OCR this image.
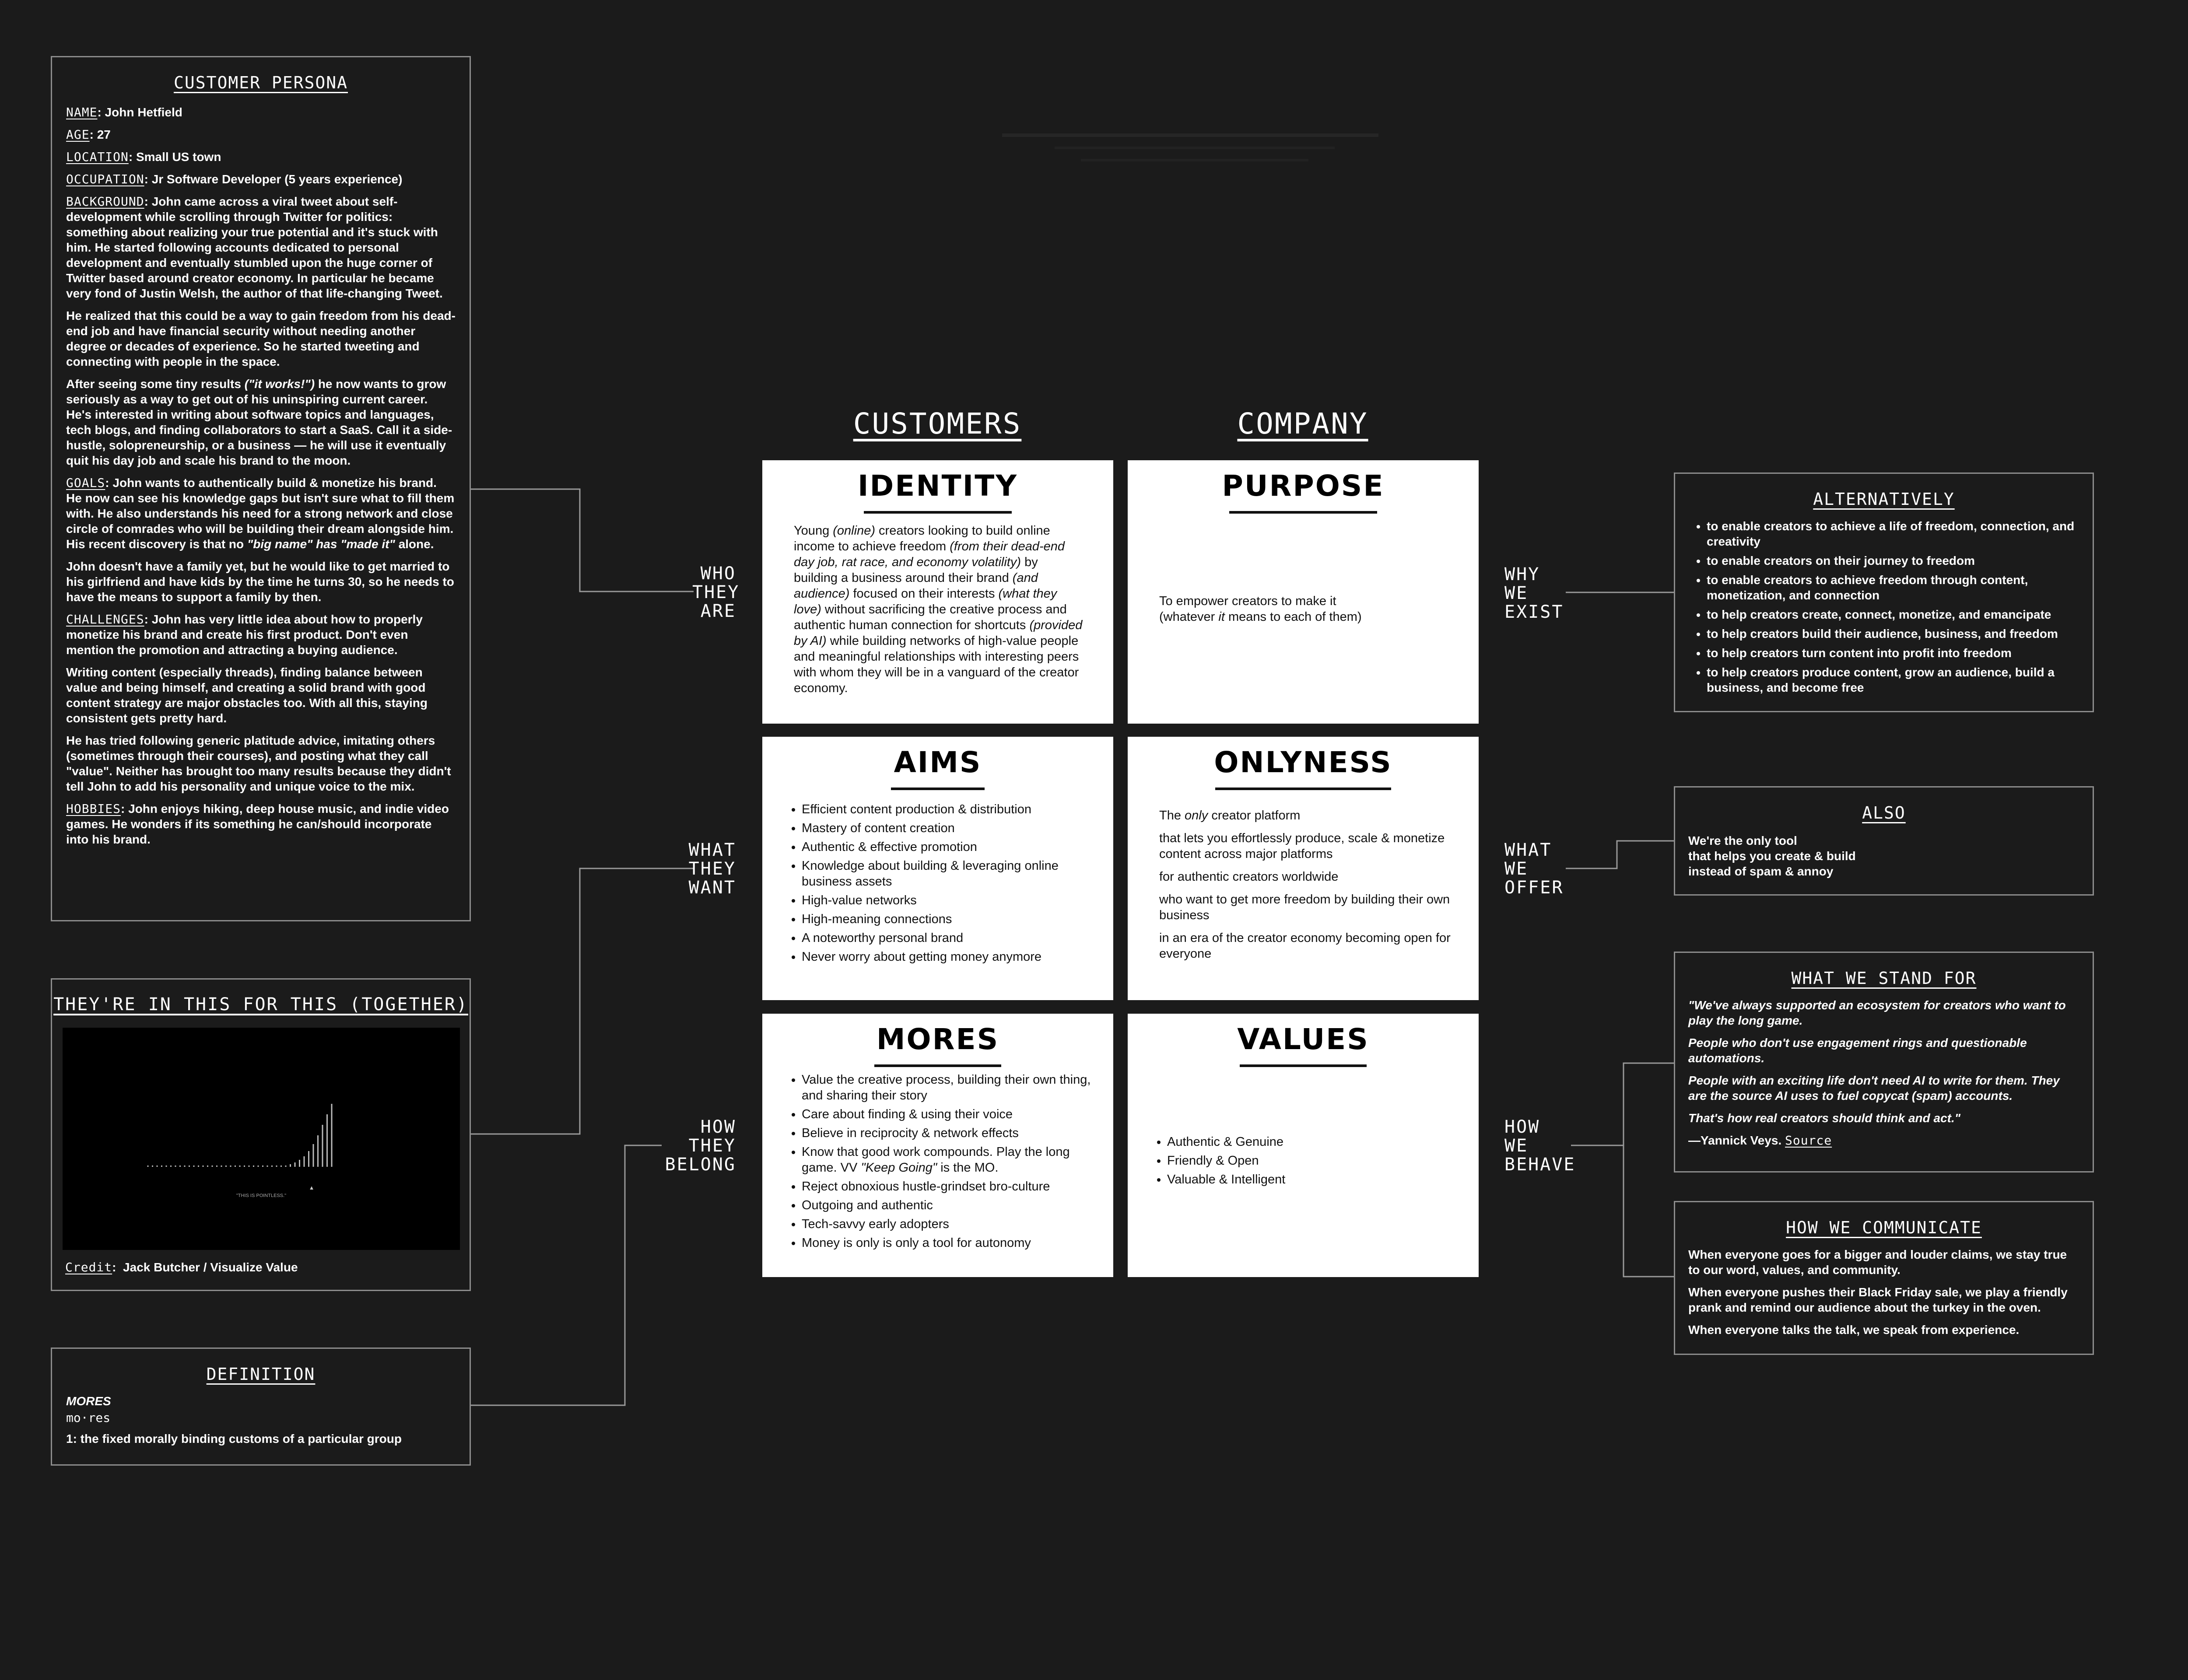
CUSTOMER PERSONA

NAME: John Hetfield

AGE: 27

LOCATION: Small US town

OCCUPATION: Jr Software Developer (5 years experience)

BACKGROUND: John came across a viral tweet about self-development while scrolling through Twitter for politics: something about realizing your true potential and it's stuck with him. He started following accounts dedicated to personal development and eventually stumbled upon the huge corner of Twitter based around creator economy. In particular he became very fond of Justin Welsh, the author of that life-changing Tweet.

He realized that this could be a way to gain freedom from his dead-end job and have financial security without needing another degree or decades of experience. So he started tweeting and connecting with people in the space.

After seeing some tiny results ("it works!") he now wants to grow seriously as a way to get out of his uninspiring current career. He's interested in writing about software topics and languages, tech blogs, and finding collaborators to start a SaaS. Call it a side-hustle, solopreneurship, or a business — he will use it eventually quit his day job and scale his brand to the moon.

GOALS: John wants to authentically build & monetize his brand. He now can see his knowledge gaps but isn't sure what to fill them with. He also understands his need for a strong network and close circle of comrades who will be building their dream alongside him. His recent discovery is that no "big name" has "made it" alone.

John doesn't have a family yet, but he would like to get married to his girlfriend and have kids by the time he turns 30, so he needs to have the means to support a family by then.

CHALLENGES: John has very little idea about how to properly monetize his brand and create his first product. Don't even mention the promotion and attracting a buying audience.

Writing content (especially threads), finding balance between value and being himself, and creating a solid brand with good content strategy are major obstacles too. With all this, staying consistent gets pretty hard.

He has tried following generic platitude advice, imitating others (sometimes through their courses), and posting what they call "value". Neither has brought too many results because they didn't tell John to add his personality and unique voice to the mix.

HOBBIES: John enjoys hiking, deep house music, and indie video games. He wonders if its something he can/should incorporate into his brand.

THEY'RE IN THIS FOR THIS (TOGETHER)
"THIS IS POINTLESS."
▲
Credit:  Jack Butcher / Visualize Value
DEFINITION
MORES
mo·res
1: the fixed morally binding customs of a particular group
CUSTOMERS	COMPANY
WHO
THEY
ARE
WHAT
THEY
WANT
HOW
THEY
BELONG
WHY
WE
EXIST
WHAT
WE
OFFER
HOW
WE
BEHAVE
IDENTITY
Young (online) creators looking to build online income to achieve freedom (from their dead-end day job, rat race, and economy volatility) by building a business around their brand (and audience) focused on their interests (what they love) without sacrificing the creative process and authentic human connection for shortcuts (provided by AI) while building networks of high-value people and meaningful relationships with interesting peers with whom they will be in a vanguard of the creator economy.
PURPOSE
To empower creators to make it
(whatever it means to each of them)
AIMS
• Efficient content production & distribution
• Mastery of content creation
• Authentic & effective promotion
• Knowledge about building & leveraging online business assets
• High-value networks
• High-meaning connections
• A noteworthy personal brand
• Never worry about getting money anymore
ONLYNESS

The only creator platform

that lets you effortlessly produce, scale & monetize content across major platforms

for authentic creators worldwide

who want to get more freedom by building their own business

in an era of the creator economy becoming open for everyone

MORES
• Value the creative process, building their own thing, and sharing their story
• Care about finding & using their voice
• Believe in reciprocity & network effects
• Know that good work compounds. Play the long game. VV "Keep Going" is the MO.
• Reject obnoxious hustle-grindset bro-culture
• Outgoing and authentic
• Tech-savvy early adopters
• Money is only is only a tool for autonomy
VALUES
• Authentic & Genuine
• Friendly & Open
• Valuable & Intelligent
ALTERNATIVELY
• to enable creators to achieve a life of freedom, connection, and creativity
• to enable creators on their journey to freedom
• to enable creators to achieve freedom through content, monetization, and connection
• to help creators create, connect, monetize, and emancipate
• to help creators build their audience, business, and freedom
• to help creators turn content into profit into freedom
• to help creators produce content, grow an audience, build a business, and become free
ALSO
We're the only tool
that helps you create & build
instead of spam & annoy
WHAT WE STAND FOR

"We've always supported an ecosystem for creators who want to play the long game.

People who don't use engagement rings and questionable automations.

People with an exciting life don't need AI to write for them. They are the source AI uses to fuel copycat (spam) accounts.

That's how real creators should think and act."

—Yannick Veys. Source
HOW WE COMMUNICATE

When everyone goes for a bigger and louder claims, we stay true to our word, values, and community.

When everyone pushes their Black Friday sale, we play a friendly prank and remind our audience about the turkey in the oven.

When everyone talks the talk, we speak from experience.
